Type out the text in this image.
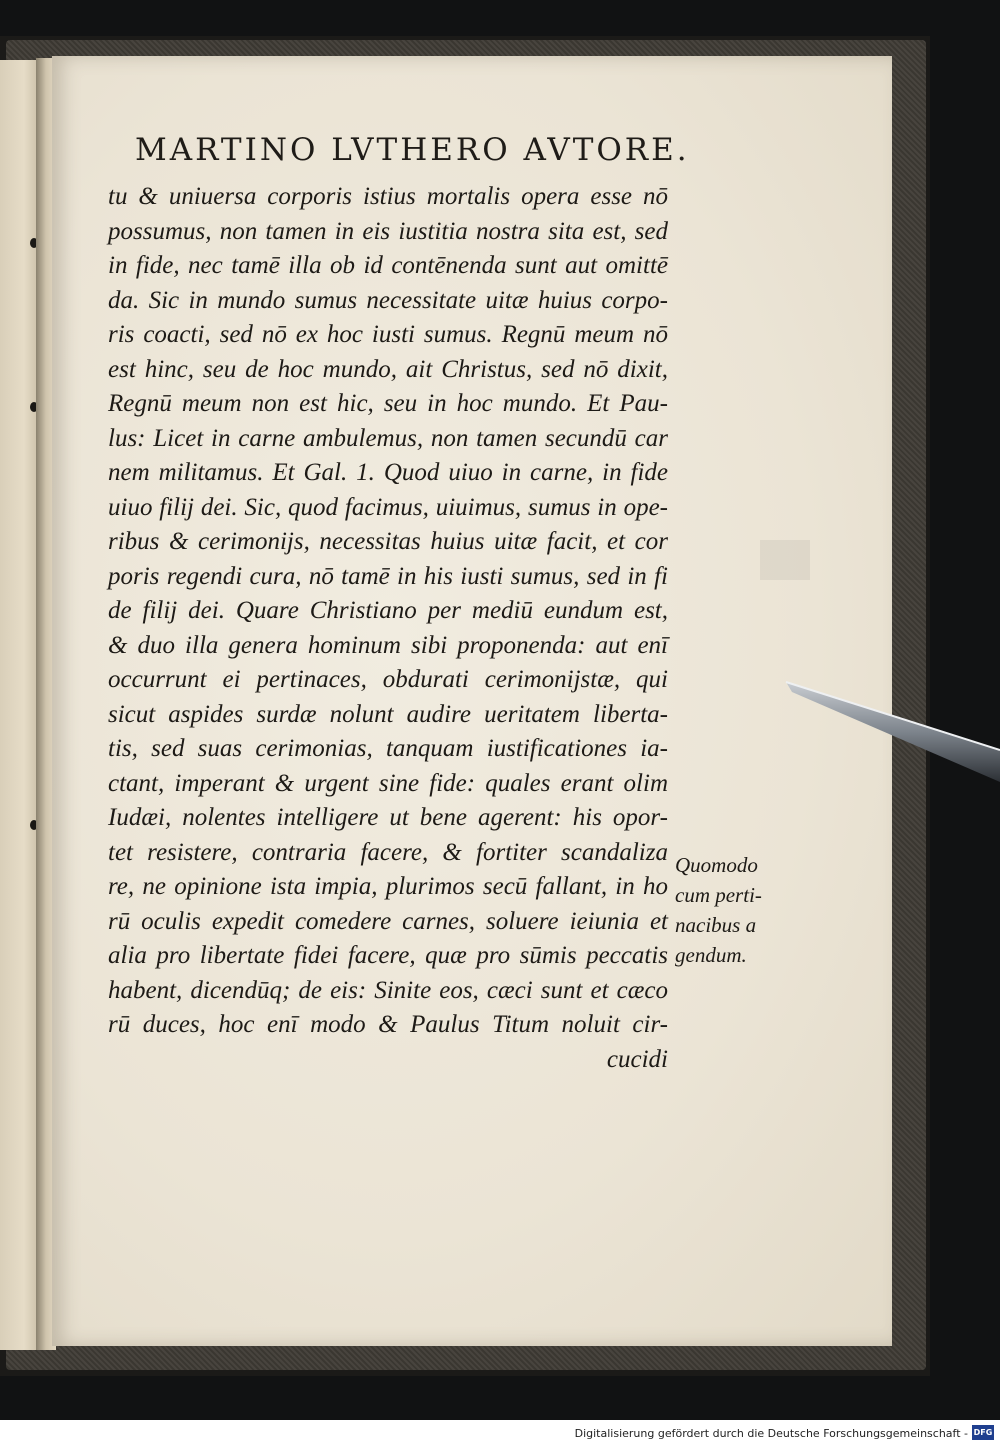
MARTINO LVTHERO AVTORE.
tu & uniuersa corporis istius mortalis opera esse nō
possumus, non tamen in eis iustitia nostra sita est, sed
in fide, nec tamē illa ob id contēnenda sunt aut omittē
da. Sic in mundo sumus necessitate uitæ huius corpo-
ris coacti, sed nō ex hoc iusti sumus. Regnū meum nō
est hinc, seu de hoc mundo, ait Christus, sed nō dixit,
Regnū meum non est hic, seu in hoc mundo. Et Pau-
lus: Licet in carne ambulemus, non tamen secundū car
nem militamus. Et Gal. 1. Quod uiuo in carne, in fide
uiuo filij dei. Sic, quod facimus, uiuimus, sumus in ope-
ribus & cerimonijs, necessitas huius uitæ facit, et cor
poris regendi cura, nō tamē in his iusti sumus, sed in fi
de filij dei. Quare Christiano per mediū eundum est,
& duo illa genera hominum sibi proponenda: aut enī
occurrunt ei pertinaces, obdurati cerimonijstæ, qui
sicut aspides surdæ nolunt audire ueritatem liberta-
tis, sed suas cerimonias, tanquam iustificationes ia-
ctant, imperant & urgent sine fide: quales erant olim
Iudæi, nolentes intelligere ut bene agerent: his opor-
tet resistere, contraria facere, & fortiter scandaliza
re, ne opinione ista impia, plurimos secū fallant, in ho
rū oculis expedit comedere carnes, soluere ieiunia et
alia pro libertate fidei facere, quæ pro sūmis peccatis
habent, dicendūq; de eis: Sinite eos, cæci sunt et cæco
rū duces, hoc enī modo & Paulus Titum noluit cir-
cucidi
Quomodo
cum perti-
nacibus a
gendum.
Digitalisierung gefördert durch die Deutsche Forschungsgemeinschaft - DFG
